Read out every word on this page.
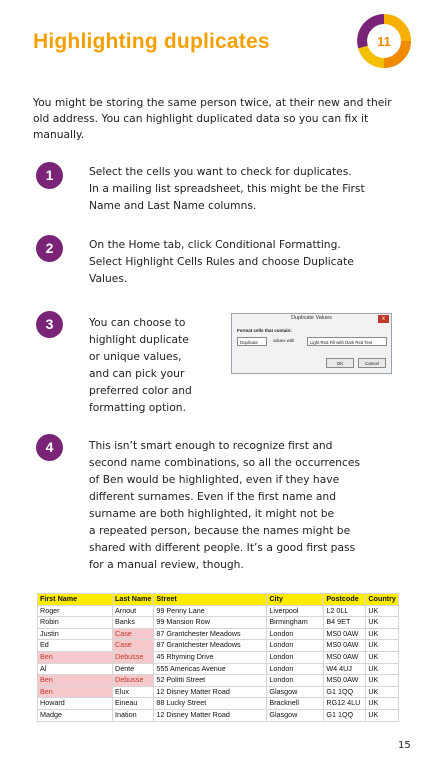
Highlighting duplicates	11
You might be storing the same person twice, at their new and their old address. You can highlight duplicated data so you can fix it manually.
1	Select the cells you want to check for duplicates.
In a mailing list spreadsheet, this might be the First
Name and Last Name columns.
2	On the Home tab, click Conditional Formatting.
Select Highlight Cells Rules and choose Duplicate
Values.
3	You can choose to
highlight duplicate
or unique values,
and can pick your
preferred color and
formatting option.
Duplicate Values	x
Format cells that contain:
Duplicate	values with	Light Red Fill with Dark Red Text
OK	Cancel
4	This isn’t smart enough to recognize first and
second name combinations, so all the occurrences
of Ben would be highlighted, even if they have
different surnames. Even if the first name and
surname are both highlighted, it might not be
a repeated person, because the names might be
shared with different people. It’s a good first pass
for a manual review, though.
First Name	Last Name	Street	City	Postcode	Country
Roger	Arnout	99 Penny Lane	Liverpool	L2 0LL	UK
Robin	Banks	99 Mansion Row	Birmingham	B4 9ET	UK
Justin	Case	87 Grantchester Meadows	London	MS0 0AW	UK
Ed	Case	87 Grantchester Meadows	London	MS0 0AW	UK
Ben	Debusse	45 Rhyming Drive	London	MS0 0AW	UK
Al	Dente	555 Americas Avenue	London	W4 4UJ	UK
Ben	Debusse	52 Politti Street	London	MS0 0AW	UK
Ben	Elux	12 Disney Matter Road	Glasgow	G1 1QQ	UK
Howard	Eineau	88 Lucky Street	Bracknell	RG12 4LU	UK
Madge	Ination	12 Disney Matter Road	Glasgow	G1 1QQ	UK
15
